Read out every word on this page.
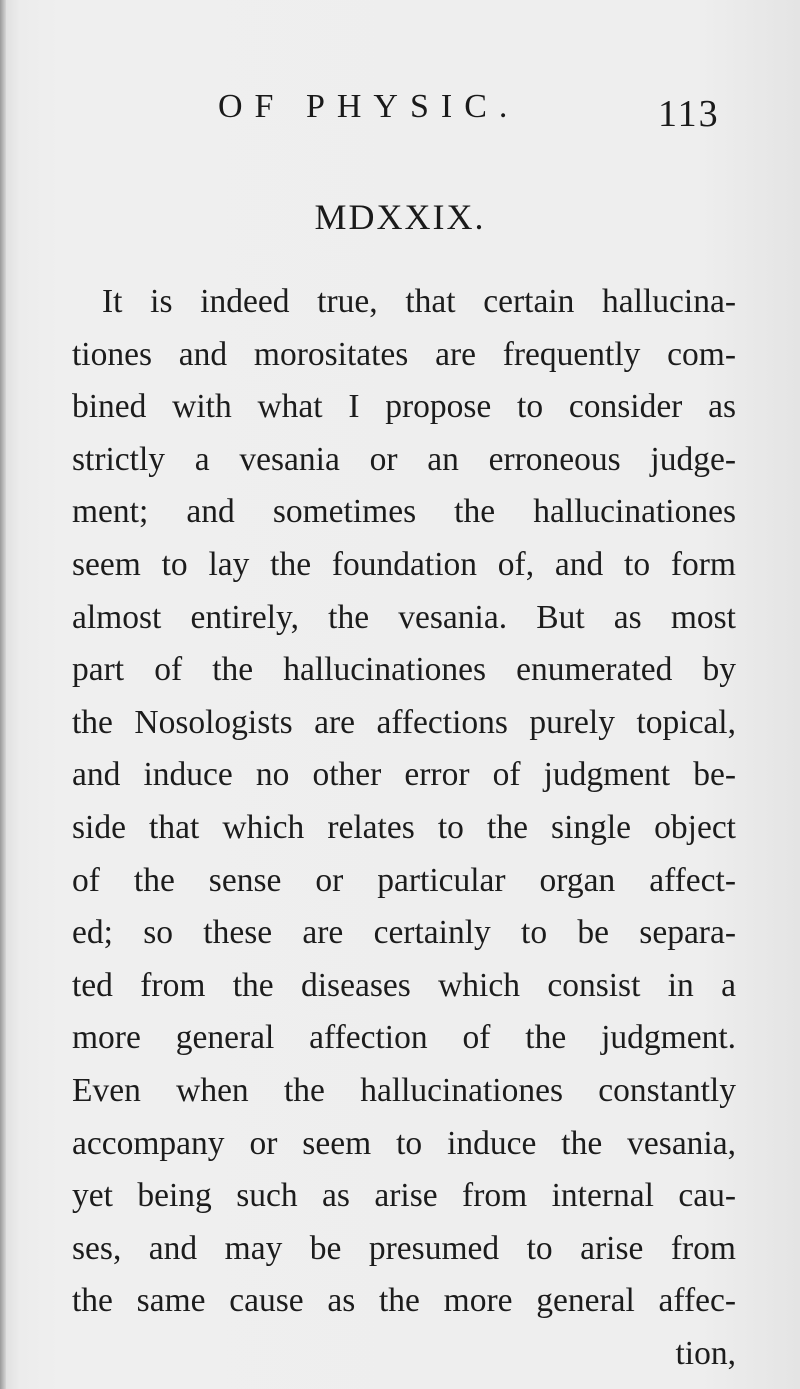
OF PHYSIC.	113
MDXXIX.
It is indeed true, that certain hallucina-
tiones and morositates are frequently com-
bined with what I propose to consider as
strictly a vesania or an erroneous judge-
ment; and sometimes the hallucinationes
seem to lay the foundation of, and to form
almost entirely, the vesania. But as most
part of the hallucinationes enumerated by
the Nosologists are affections purely topical,
and induce no other error of judgment be-
side that which relates to the single object
of the sense or particular organ affect-
ed; so these are certainly to be separa-
ted from the diseases which consist in a
more general affection of the judgment.
Even when the hallucinationes constantly
accompany or seem to induce the vesania,
yet being such as arise from internal cau-
ses, and may be presumed to arise from
the same cause as the more general affec-
tion,
